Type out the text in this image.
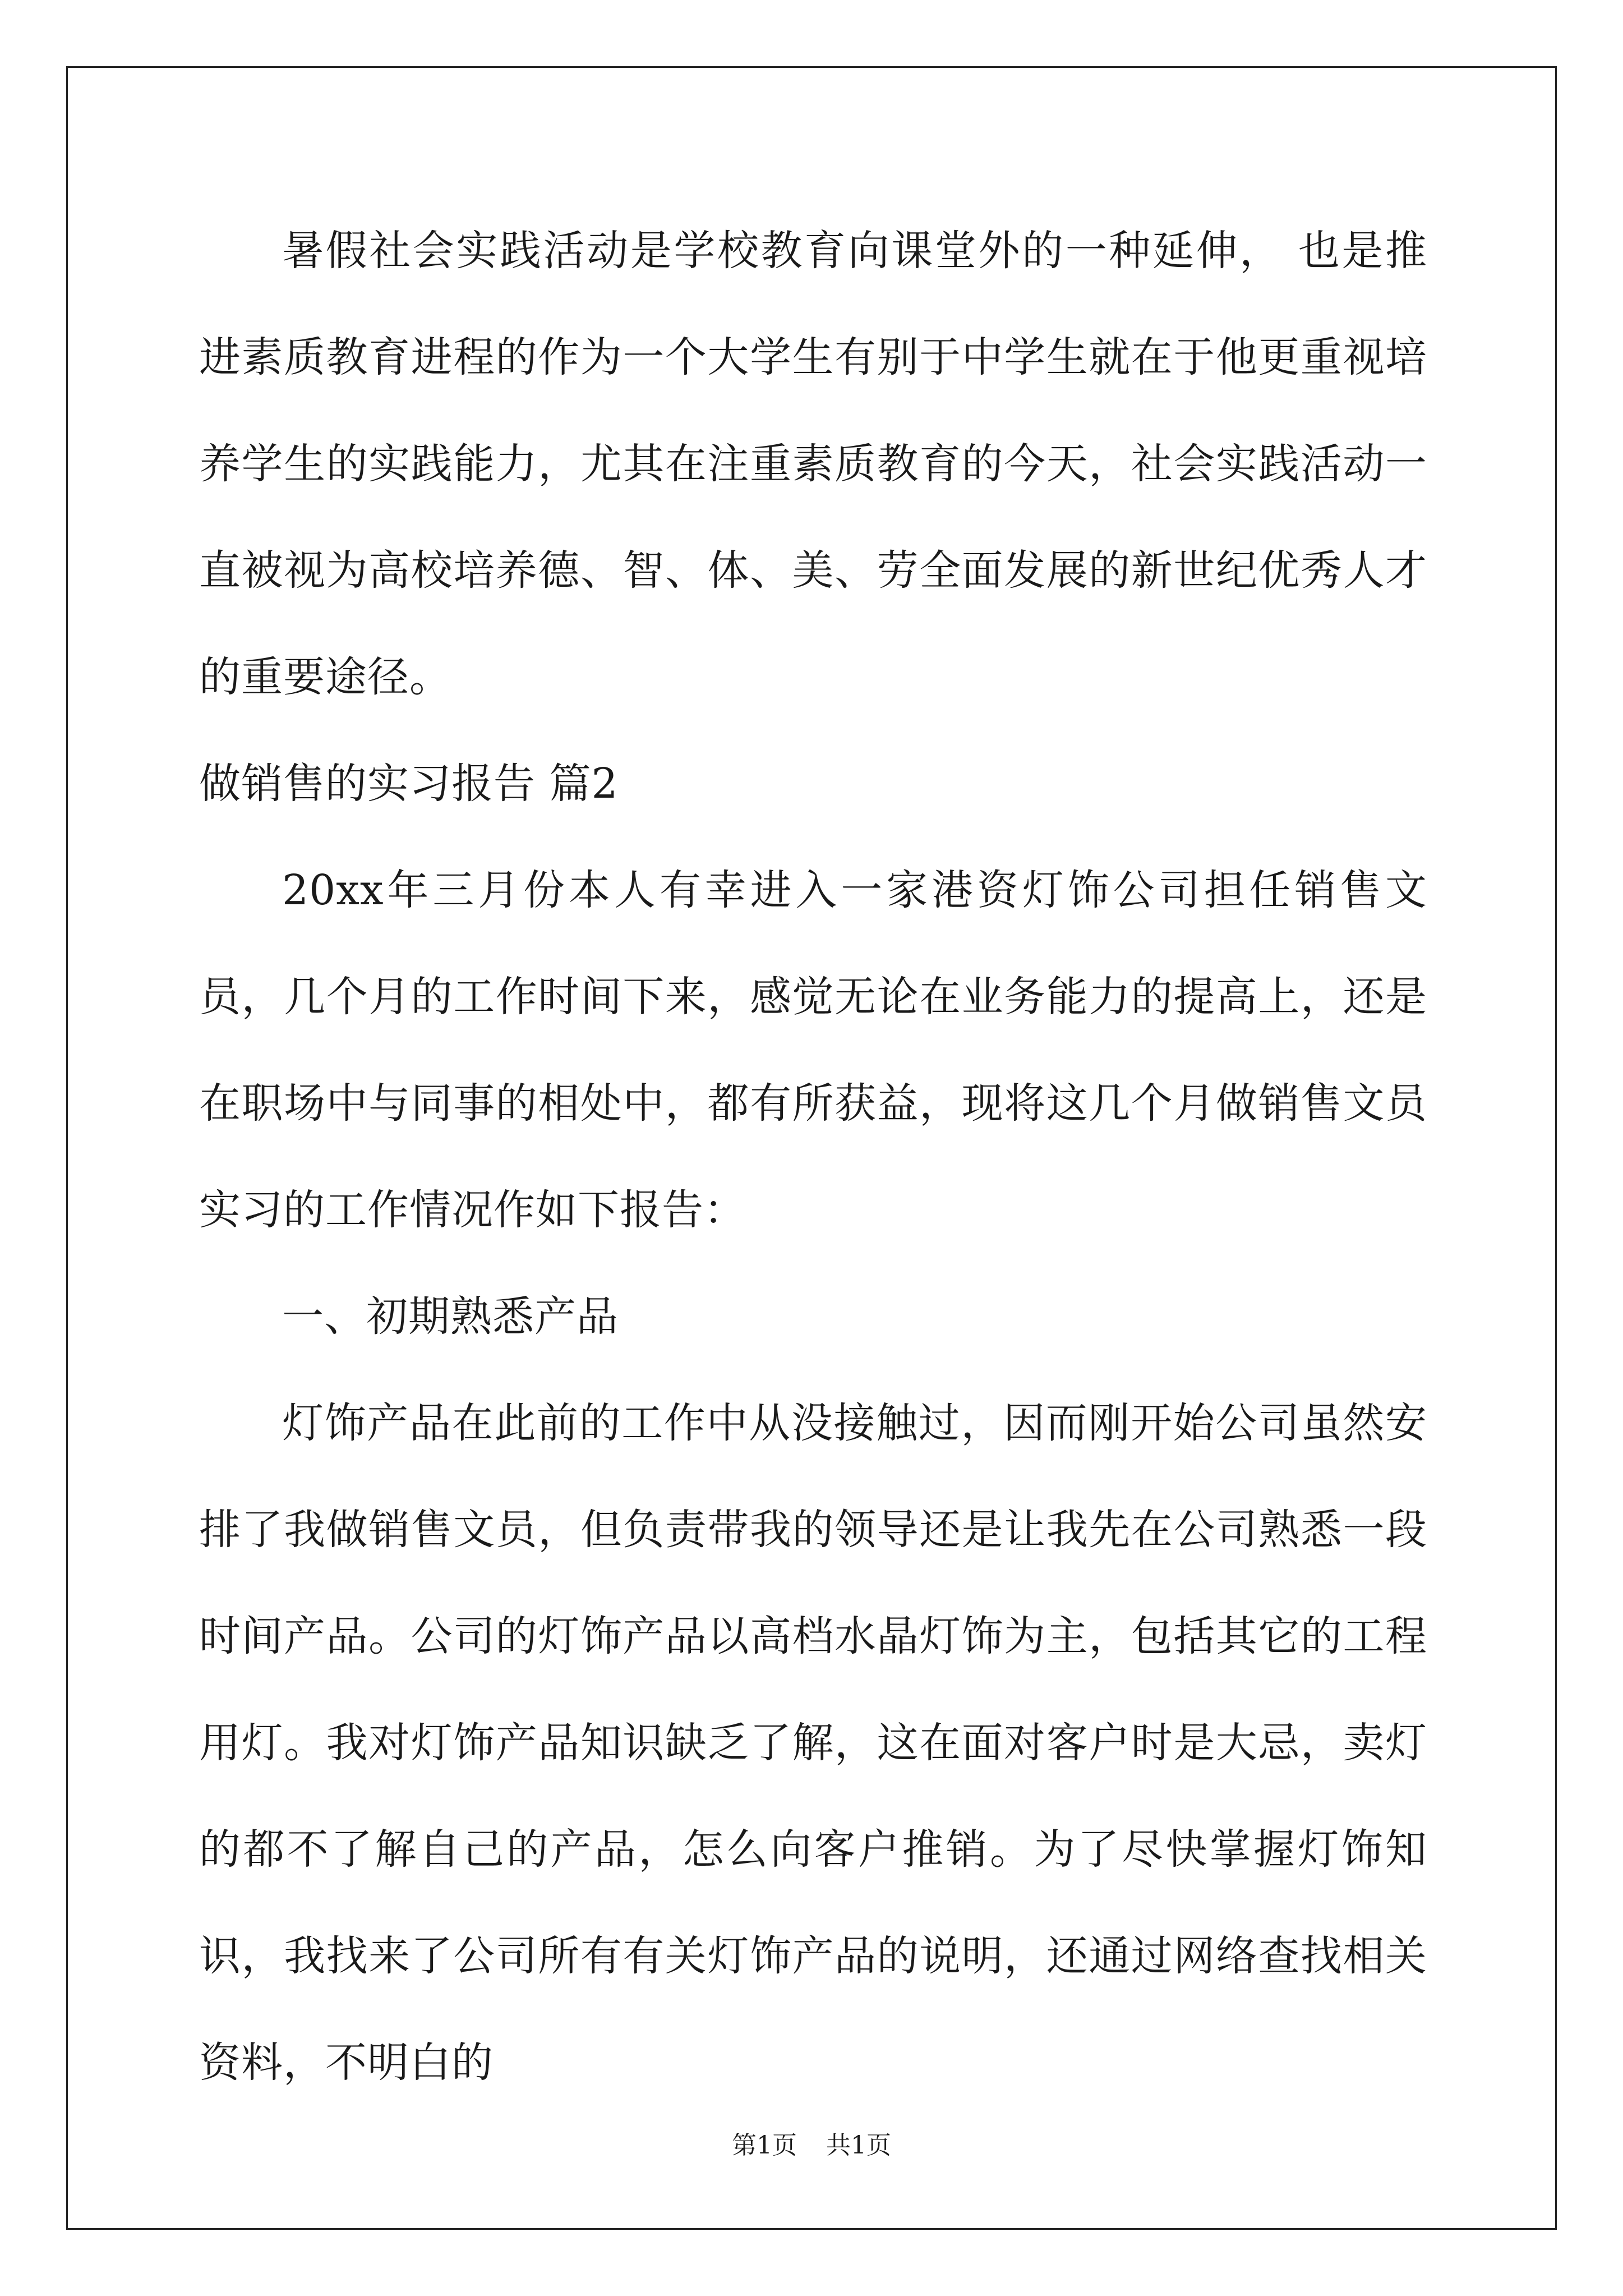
暑假社会实践活动是学校教育向课堂外的一种延伸， 也是推进素质教育进程的作为一个大学生有别于中学生就在于他更重视培养学生的实践能力，尤其在注重素质教育的今天，社会实践活动一直被视为高校培养德、智、体、美、劳全面发展的新世纪优秀人才的重要途径。

做销售的实习报告 篇2

20xx年三月份本人有幸进入一家港资灯饰公司担任销售文员，几个月的工作时间下来，感觉无论在业务能力的提高上，还是在职场中与同事的相处中，都有所获益，现将这几个月做销售文员实习的工作情况作如下报告：

一、初期熟悉产品

灯饰产品在此前的工作中从没接触过，因而刚开始公司虽然安排了我做销售文员，但负责带我的领导还是让我先在公司熟悉一段时间产品。公司的灯饰产品以高档水晶灯饰为主，包括其它的工程用灯。我对灯饰产品知识缺乏了解，这在面对客户时是大忌，卖灯的都不了解自己的产品，怎么向客户推销。为了尽快掌握灯饰知识，我找来了公司所有有关灯饰产品的说明，还通过网络查找相关资料，不明白的

第1页 共1页
